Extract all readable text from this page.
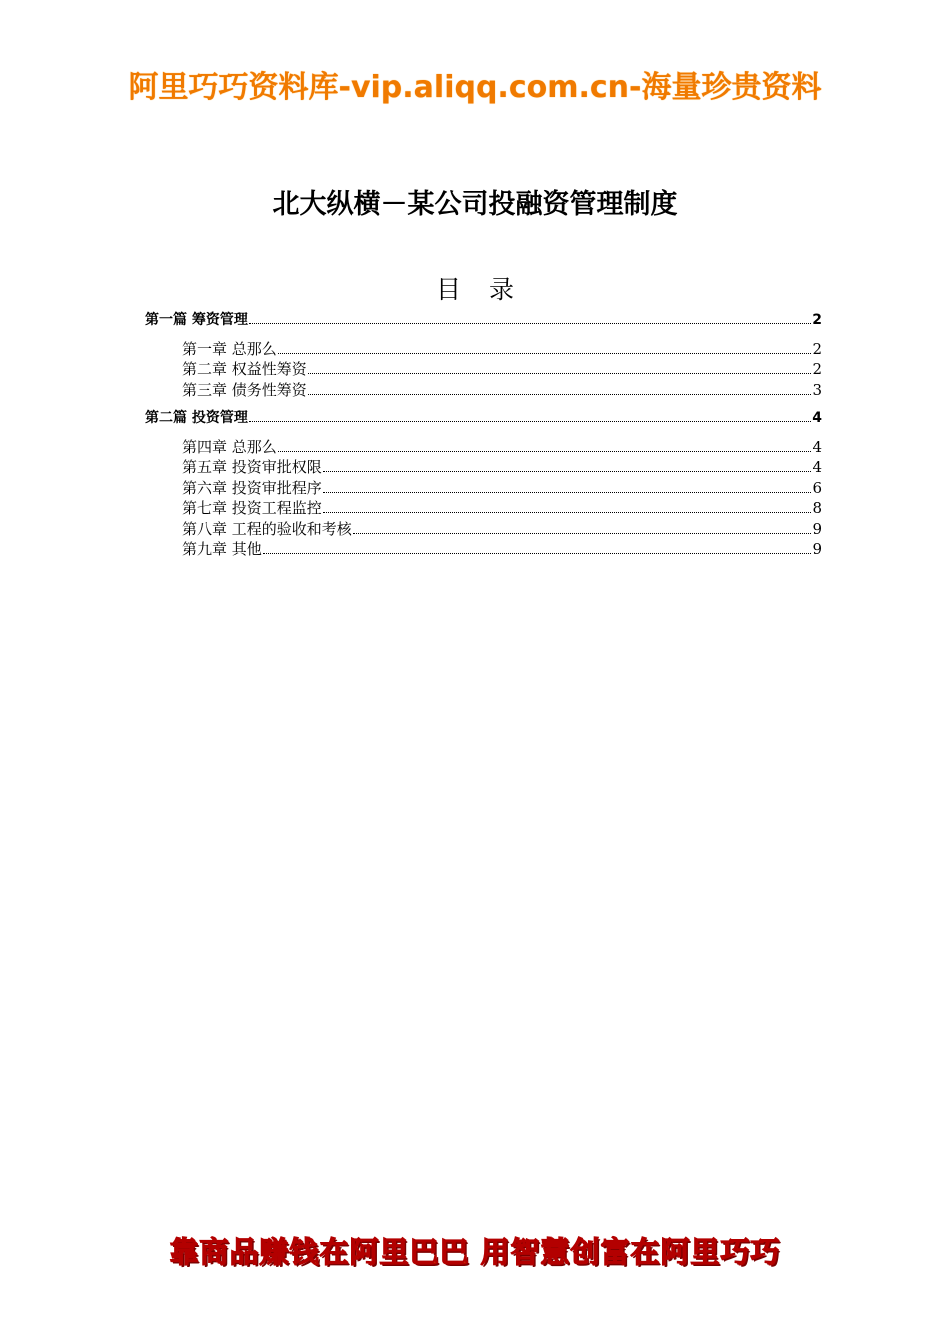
阿里巧巧资料库-vip.aliqq.com.cn-海量珍贵资料
北大纵横－某公司投融资管理制度
目录
第一篇 筹资管理	2
第一章 总那么	2
第二章 权益性筹资	2
第三章 债务性筹资	3
第二篇 投资管理	4
第四章 总那么	4
第五章 投资审批权限	4
第六章 投资审批程序	6
第七章 投资工程监控	8
第八章 工程的验收和考核	9
第九章 其他	9
靠商品赚钱在阿里巴巴 用智慧创富在阿里巧巧
